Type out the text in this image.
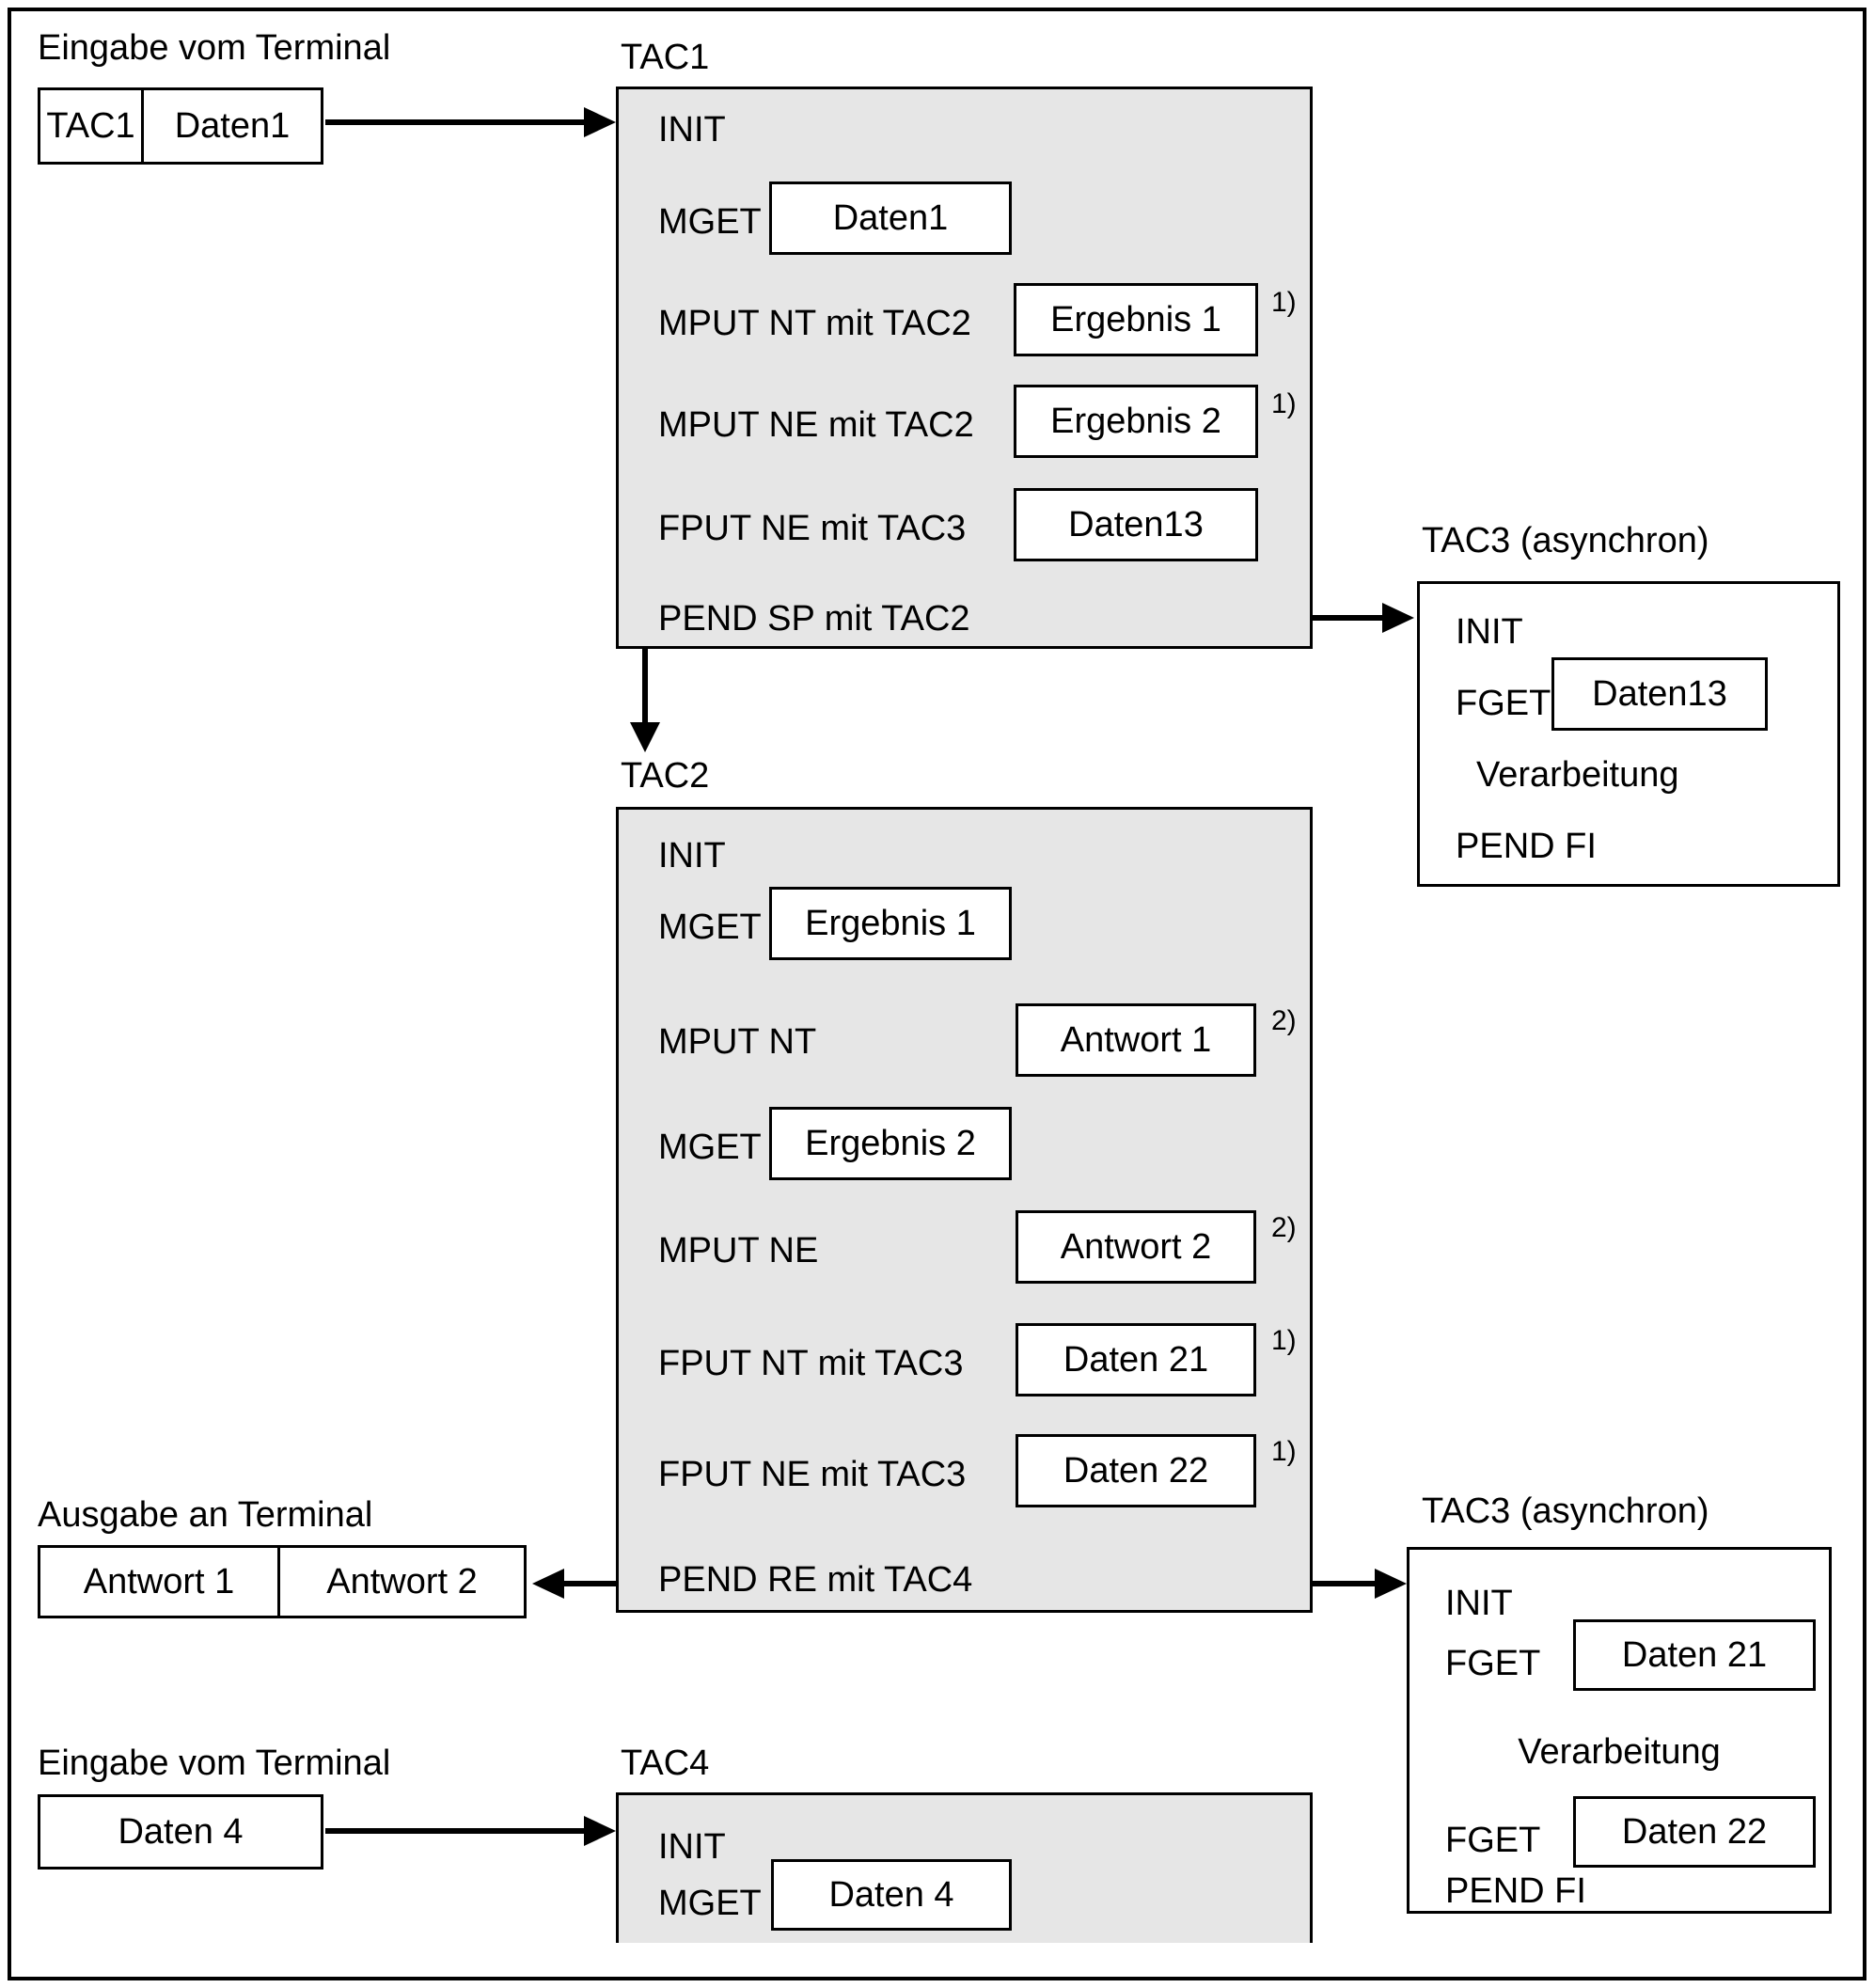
Eingabe vom Terminal
TAC1	Daten1
TAC1
INIT
MGET	Daten1
MPUT NT mit TAC2	Ergebnis 1	1)
MPUT NE mit TAC2	Ergebnis 2	1)
FPUT NE mit TAC3	Daten13
PEND SP mit TAC2
TAC3 (asynchron)
INIT
FGET	Daten13
Verarbeitung
PEND FI
TAC2
INIT
MGET	Ergebnis 1
MPUT NT	Antwort 1	2)
MGET	Ergebnis 2
MPUT NE	Antwort 2	2)
FPUT NT mit TAC3	Daten 21	1)
FPUT NE mit TAC3	Daten 22	1)
PEND RE mit TAC4
Ausgabe an Terminal
Antwort 1	Antwort 2
TAC3 (asynchron)
INIT
FGET	Daten 21
Verarbeitung
FGET	Daten 22
PEND FI
Eingabe vom Terminal
Daten 4
TAC4
INIT
MGET	Daten 4
